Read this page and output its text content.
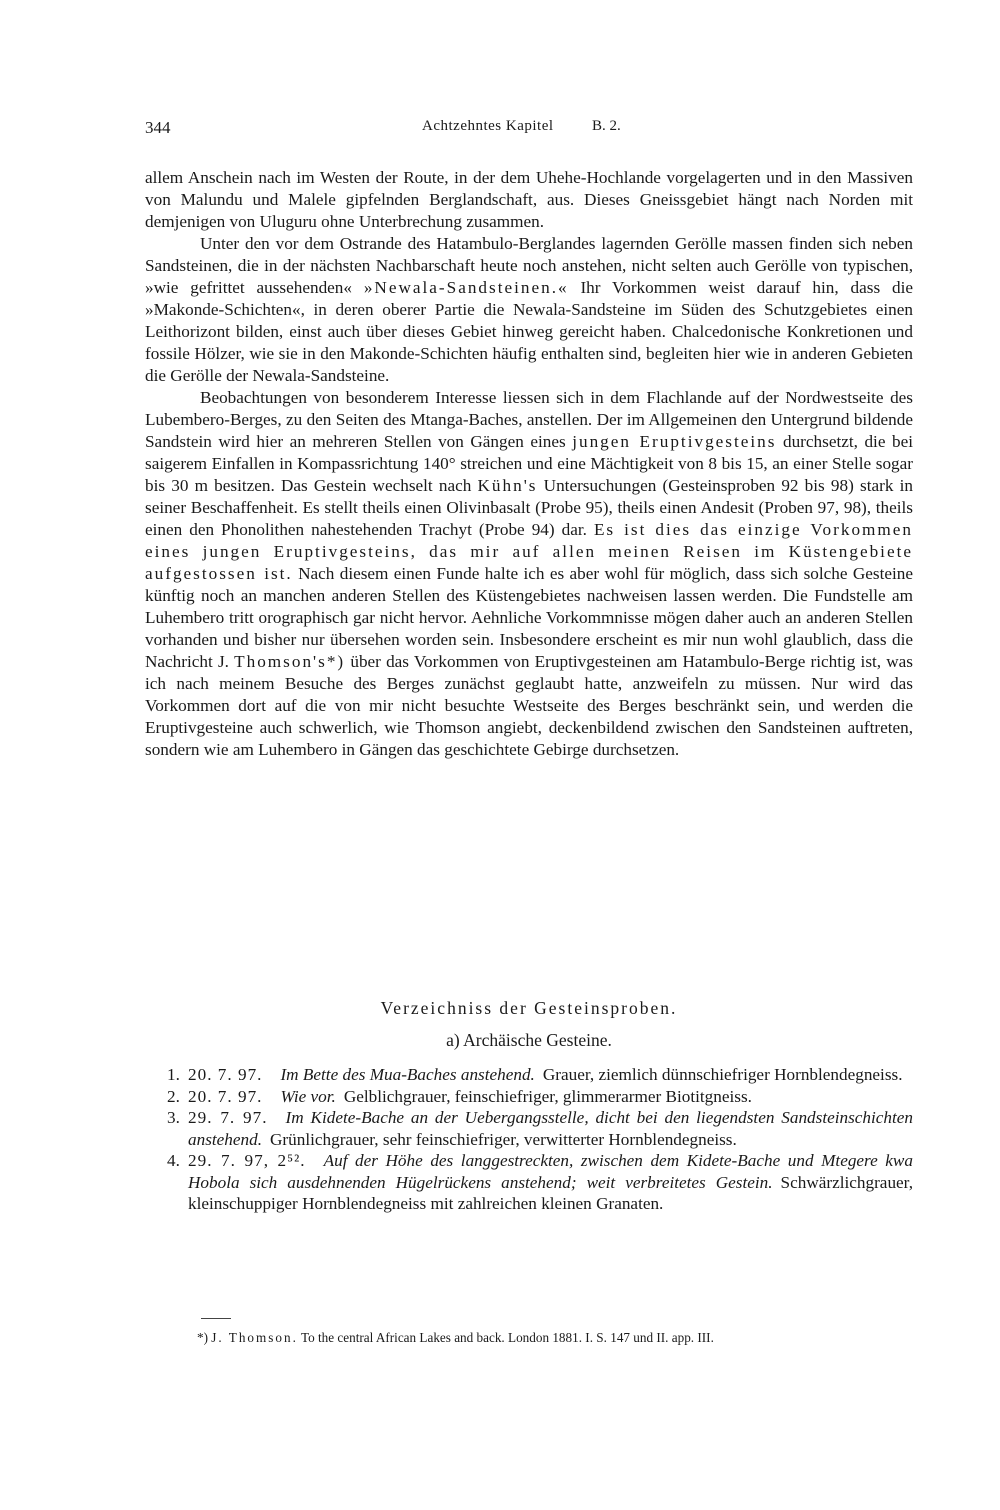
344	Achtzehntes Kapitel	B. 2.

allem Anschein nach im Westen der Route, in der dem Uhehe-Hochlande vorgelagerten und in den Massiven von Malundu und Malele gipfelnden Berglandschaft, aus. Dieses Gneissgebiet hängt nach Norden mit demjenigen von Uluguru ohne Unterbrechung zusammen.

Unter den vor dem Ostrande des Hatambulo-Berglandes lagernden Gerölle massen finden sich neben Sandsteinen, die in der nächsten Nachbarschaft heute noch anstehen, nicht selten auch Gerölle von typischen, »wie gefrittet aussehenden« »Newala-Sandsteinen.« Ihr Vorkommen weist darauf hin, dass die »Makonde-Schichten«, in deren oberer Partie die Newala-Sandsteine im Süden des Schutzgebietes einen Leithorizont bilden, einst auch über dieses Gebiet hinweg gereicht haben. Chalcedonische Konkretionen und fossile Hölzer, wie sie in den Makonde-Schichten häufig enthalten sind, begleiten hier wie in anderen Gebieten die Gerölle der Newala-Sandsteine.

Beobachtungen von besonderem Interesse liessen sich in dem Flachlande auf der Nordwestseite des Lubembero-Berges, zu den Seiten des Mtanga-Baches, anstellen. Der im Allgemeinen den Untergrund bildende Sandstein wird hier an mehreren Stellen von Gängen eines jungen Eruptivgesteins durchsetzt, die bei saigerem Einfallen in Kompassrichtung 140° streichen und eine Mächtigkeit von 8 bis 15, an einer Stelle sogar bis 30 m besitzen. Das Gestein wechselt nach Kühn's Untersuchungen (Gesteinsproben 92 bis 98) stark in seiner Beschaffenheit. Es stellt theils einen Olivinbasalt (Probe 95), theils einen Andesit (Proben 97, 98), theils einen den Phonolithen nahestehenden Trachyt (Probe 94) dar. Es ist dies das einzige Vorkommen eines jungen Eruptivgesteins, das mir auf allen meinen Reisen im Küstengebiete aufgestossen ist. Nach diesem einen Funde halte ich es aber wohl für möglich, dass sich solche Gesteine künftig noch an manchen anderen Stellen des Küstengebietes nachweisen lassen werden. Die Fundstelle am Luhembero tritt orographisch gar nicht hervor. Aehnliche Vorkommnisse mögen daher auch an anderen Stellen vorhanden und bisher nur übersehen worden sein. Insbesondere erscheint es mir nun wohl glaublich, dass die Nachricht J. Thomson's*) über das Vorkommen von Eruptivgesteinen am Hatambulo-Berge richtig ist, was ich nach meinem Besuche des Berges zunächst geglaubt hatte, anzweifeln zu müssen. Nur wird das Vorkommen dort auf die von mir nicht besuchte Westseite des Berges beschränkt sein, und werden die Eruptivgesteine auch schwerlich, wie Thomson angiebt, deckenbildend zwischen den Sandsteinen auftreten, sondern wie am Luhembero in Gängen das geschichtete Gebirge durchsetzen.

Verzeichniss der Gesteinsproben.
a) Archäische Gesteine.
1. 20. 7. 97. Im Bette des Mua-Baches anstehend. Grauer, ziemlich dünnschiefriger Hornblendegneiss.
2. 20. 7. 97. Wie vor. Gelblichgrauer, feinschiefriger, glimmerarmer Biotitgneiss.
3. 29. 7. 97. Im Kidete-Bache an der Uebergangsstelle, dicht bei den liegendsten Sandsteinschichten anstehend. Grünlichgrauer, sehr feinschiefriger, verwitterter Hornblendegneiss.
4. 29. 7. 97, 2⁵². Auf der Höhe des langgestreckten, zwischen dem Kidete-Bache und Mtegere kwa Hobola sich ausdehnenden Hügelrückens anstehend; weit verbreitetes Gestein. Schwärzlichgrauer, kleinschuppiger Hornblendegneiss mit zahlreichen kleinen Granaten.
*) J. Thomson. To the central African Lakes and back. London 1881. I. S. 147 und II. app. III.
